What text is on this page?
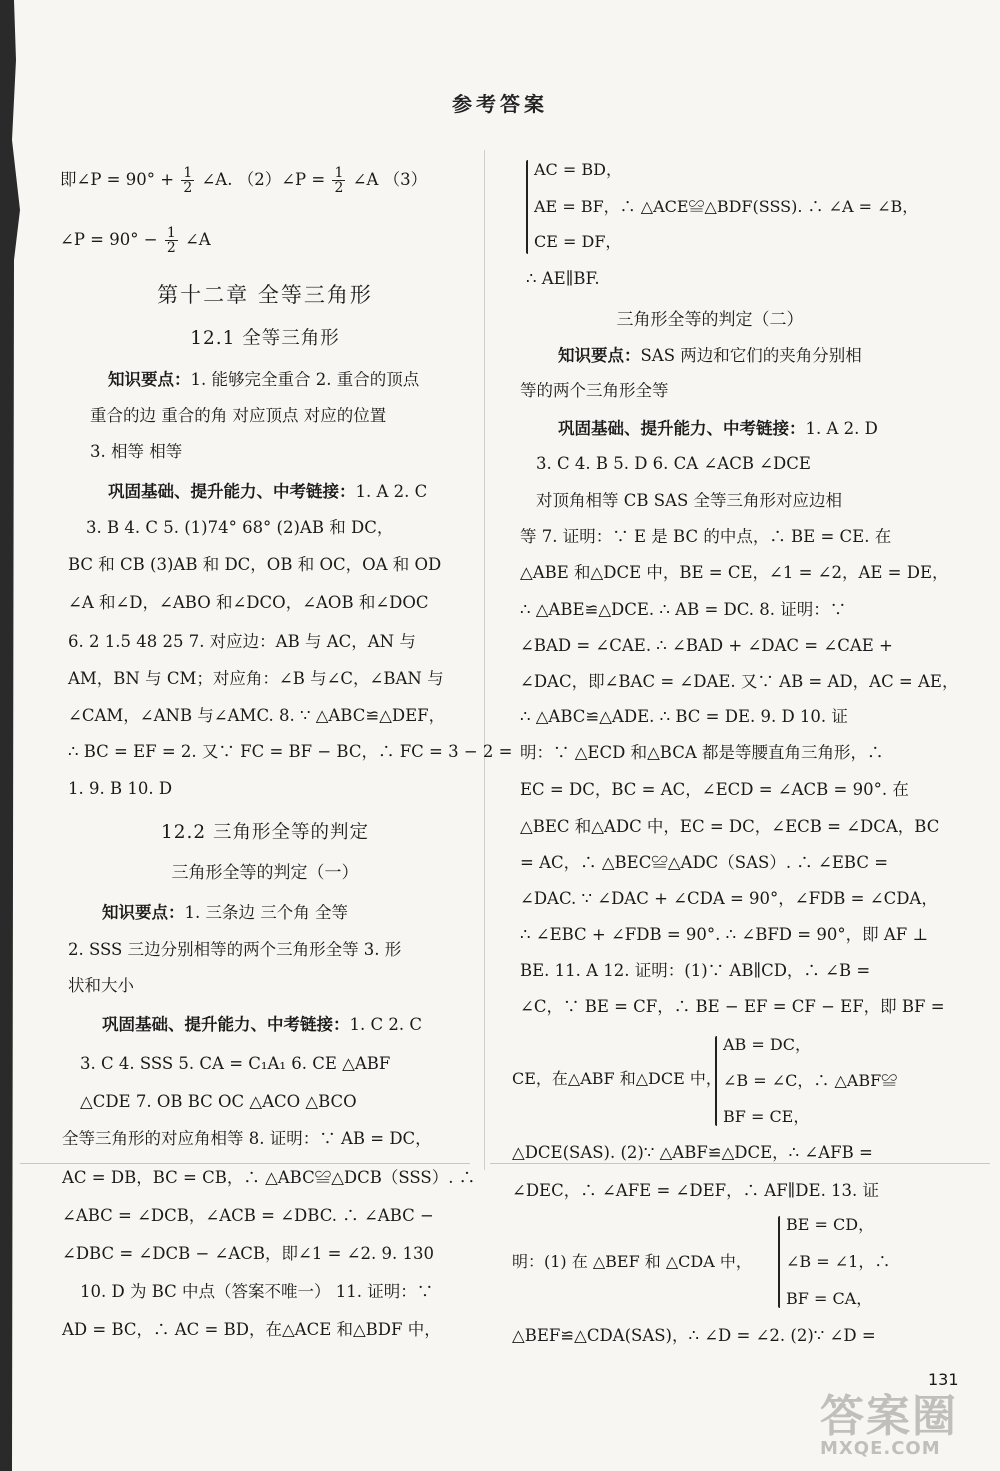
参考答案
即∠P = $90^\circ + \frac{1}{2}$ ∠A. （2）∠P = $\frac{1}{2}$ ∠A （3）
∠P = $90^\circ - \frac{1}{2}$ ∠A
第十二章 全等三角形
12.1 全等三角形
知识要点：1. 能够完全重合 2. 重合的顶点
重合的边 重合的角 对应顶点 对应的位置
3. 相等 相等
巩固基础、提升能力、中考链接：1. A 2. C
3. B 4. C 5. (1)74° 68° (2)AB 和 DC，
BC 和 CB (3)AB 和 DC，OB 和 OC，OA 和 OD
∠A 和∠D，∠ABO 和∠DCO，∠AOB 和∠DOC
6. 2 1.5 48 25 7. 对应边：AB 与 AC，AN 与
AM，BN 与 CM；对应角：∠B 与∠C，∠BAN 与
∠CAM，∠ANB 与∠AMC. 8. ∵ △ABC≌△DEF，
∴ BC = EF = 2. 又∵ FC = BF − BC，∴ FC = 3 − 2 =
1. 9. B 10. D
12.2 三角形全等的判定
三角形全等的判定（一）
知识要点：1. 三条边 三个角 全等
2. SSS 三边分别相等的两个三角形全等 3. 形
状和大小
巩固基础、提升能力、中考链接：1. C 2. C
3. C 4. SSS 5. CA = C₁A₁ 6. CE △ABF
△CDE 7. OB BC OC △ACO △BCO
全等三角形的对应角相等 8. 证明：∵ AB = DC，
AC = DB，BC = CB，∴ △ABC≌△DCB（SSS）. ∴
∠ABC = ∠DCB，∠ACB = ∠DBC. ∴ ∠ABC −
∠DBC = ∠DCB − ∠ACB，即∠1 = ∠2. 9. 130
10. D 为 BC 中点（答案不唯一） 11. 证明：∵
AD = BC，∴ AC = BD，在△ACE 和△BDF 中，
AC = BD，
AE = BF，∴ △ACE≌△BDF(SSS). ∴ ∠A = ∠B，
CE = DF，
∴ AE∥BF.
三角形全等的判定（二）
知识要点：SAS 两边和它们的夹角分别相
等的两个三角形全等
巩固基础、提升能力、中考链接：1. A 2. D
3. C 4. B 5. D 6. CA ∠ACB ∠DCE
对顶角相等 CB SAS 全等三角形对应边相
等 7. 证明：∵ E 是 BC 的中点，∴ BE = CE. 在
△ABE 和△DCE 中，BE = CE，∠1 = ∠2，AE = DE，
∴ △ABE≌△DCE. ∴ AB = DC. 8. 证明：∵
∠BAD = ∠CAE. ∴ ∠BAD + ∠DAC = ∠CAE +
∠DAC，即∠BAC = ∠DAE. 又∵ AB = AD，AC = AE，
∴ △ABC≌△ADE. ∴ BC = DE. 9. D 10. 证
明：∵ △ECD 和△BCA 都是等腰直角三角形，∴
EC = DC，BC = AC，∠ECD = ∠ACB = 90°. 在
△BEC 和△ADC 中，EC = DC，∠ECB = ∠DCA，BC
= AC，∴ △BEC≌△ADC（SAS）. ∴ ∠EBC =
∠DAC. ∵ ∠DAC + ∠CDA = 90°，∠FDB = ∠CDA，
∴ ∠EBC + ∠FDB = 90°. ∴ ∠BFD = 90°，即 AF ⊥
BE. 11. A 12. 证明：(1)∵ AB∥CD，∴ ∠B =
∠C，∵ BE = CF，∴ BE − EF = CF − EF，即 BF =
CE，在△ABF 和△DCE 中，
AB = DC，
∠B = ∠C，∴ △ABF≌
BF = CE，
△DCE(SAS). (2)∵ △ABF≌△DCE，∴ ∠AFB =
∠DEC，∴ ∠AFE = ∠DEF，∴ AF∥DE. 13. 证
明：(1) 在 △BEF 和 △CDA 中，
BE = CD，
∠B = ∠1，∴
BF = CA，
△BEF≌△CDA(SAS)，∴ ∠D = ∠2. (2)∵ ∠D =
131
答案圈
MXQE.COM
